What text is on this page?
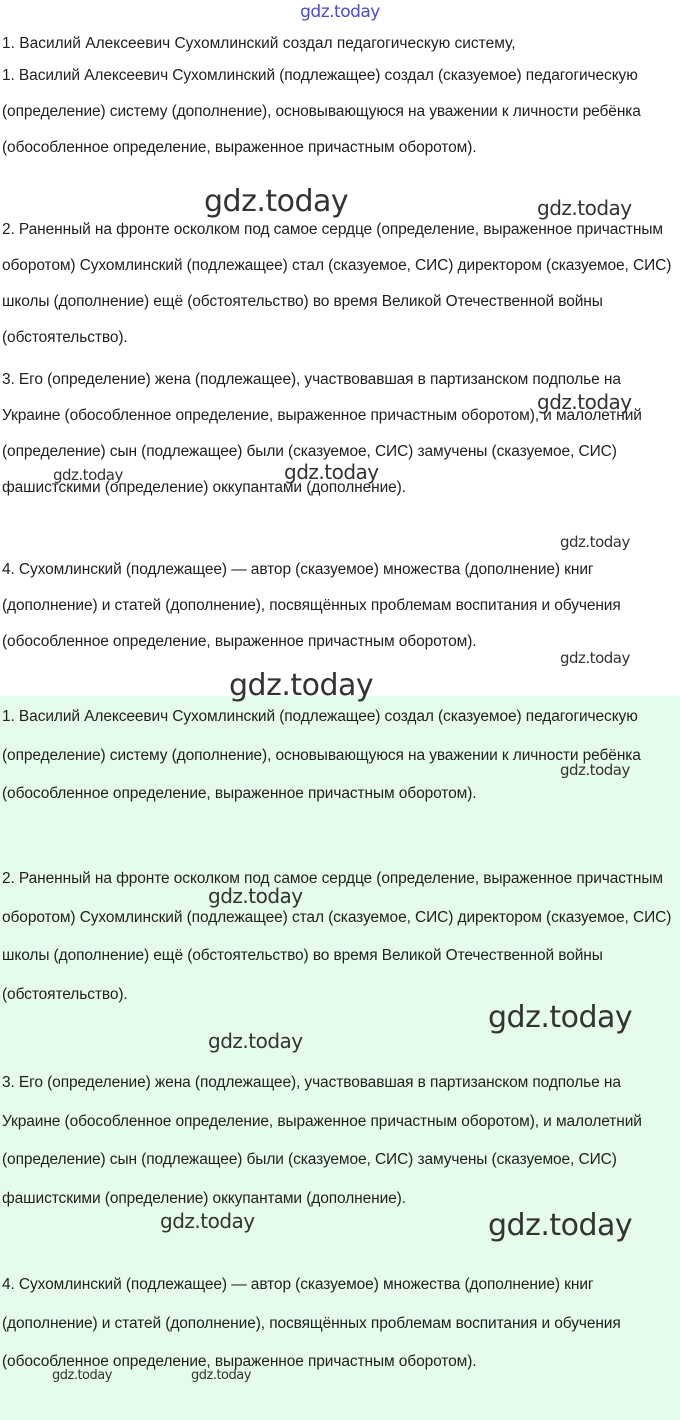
gdz.today

1. Василий Алексеевич Сухомлинский создал педагогическую систему,

1. Василий Алексеевич Сухомлинский (подлежащее) создал (сказуемое) педагогическую (определение) систему (дополнение), основывающуюся на уважении к личности ребёнка (обособленное определение, выраженное причастным оборотом).

2. Раненный на фронте осколком под самое сердце (определение, выраженное причастным оборотом) Сухомлинский (подлежащее) стал (сказуемое, СИС) директором (сказуемое, СИС) школы (дополнение) ещё (обстоятельство) во время Великой Отечественной войны (обстоятельство).

3. Его (определение) жена (подлежащее), участвовавшая в партизанском подполье на Украине (обособленное определение, выраженное причастным оборотом), и малолетний (определение) сын (подлежащее) были (сказуемое, СИС) замучены (сказуемое, СИС) фашистскими (определение) оккупантами (дополнение).

4. Сухомлинский (подлежащее) — автор (сказуемое) множества (дополнение) книг (дополнение) и статей (дополнение), посвящённых проблемам воспитания и обучения (обособленное определение, выраженное причастным оборотом).

1. Василий Алексеевич Сухомлинский (подлежащее) создал (сказуемое) педагогическую (определение) систему (дополнение), основывающуюся на уважении к личности ребёнка (обособленное определение, выраженное причастным оборотом).

2. Раненный на фронте осколком под самое сердце (определение, выраженное причастным оборотом) Сухомлинский (подлежащее) стал (сказуемое, СИС) директором (сказуемое, СИС) школы (дополнение) ещё (обстоятельство) во время Великой Отечественной войны (обстоятельство).

3. Его (определение) жена (подлежащее), участвовавшая в партизанском подполье на Украине (обособленное определение, выраженное причастным оборотом), и малолетний (определение) сын (подлежащее) были (сказуемое, СИС) замучены (сказуемое, СИС) фашистскими (определение) оккупантами (дополнение).

4. Сухомлинский (подлежащее) — автор (сказуемое) множества (дополнение) книг (дополнение) и статей (дополнение), посвящённых проблемам воспитания и обучения (обособленное определение, выраженное причастным оборотом).

gdz.today	gdz.today
gdz.today
gdz.today
gdz.today
gdz.today
gdz.today
gdz.today
gdz.today
gdz.today
gdz.today
gdz.today
gdz.today	gdz.today
gdz.today	gdz.today
